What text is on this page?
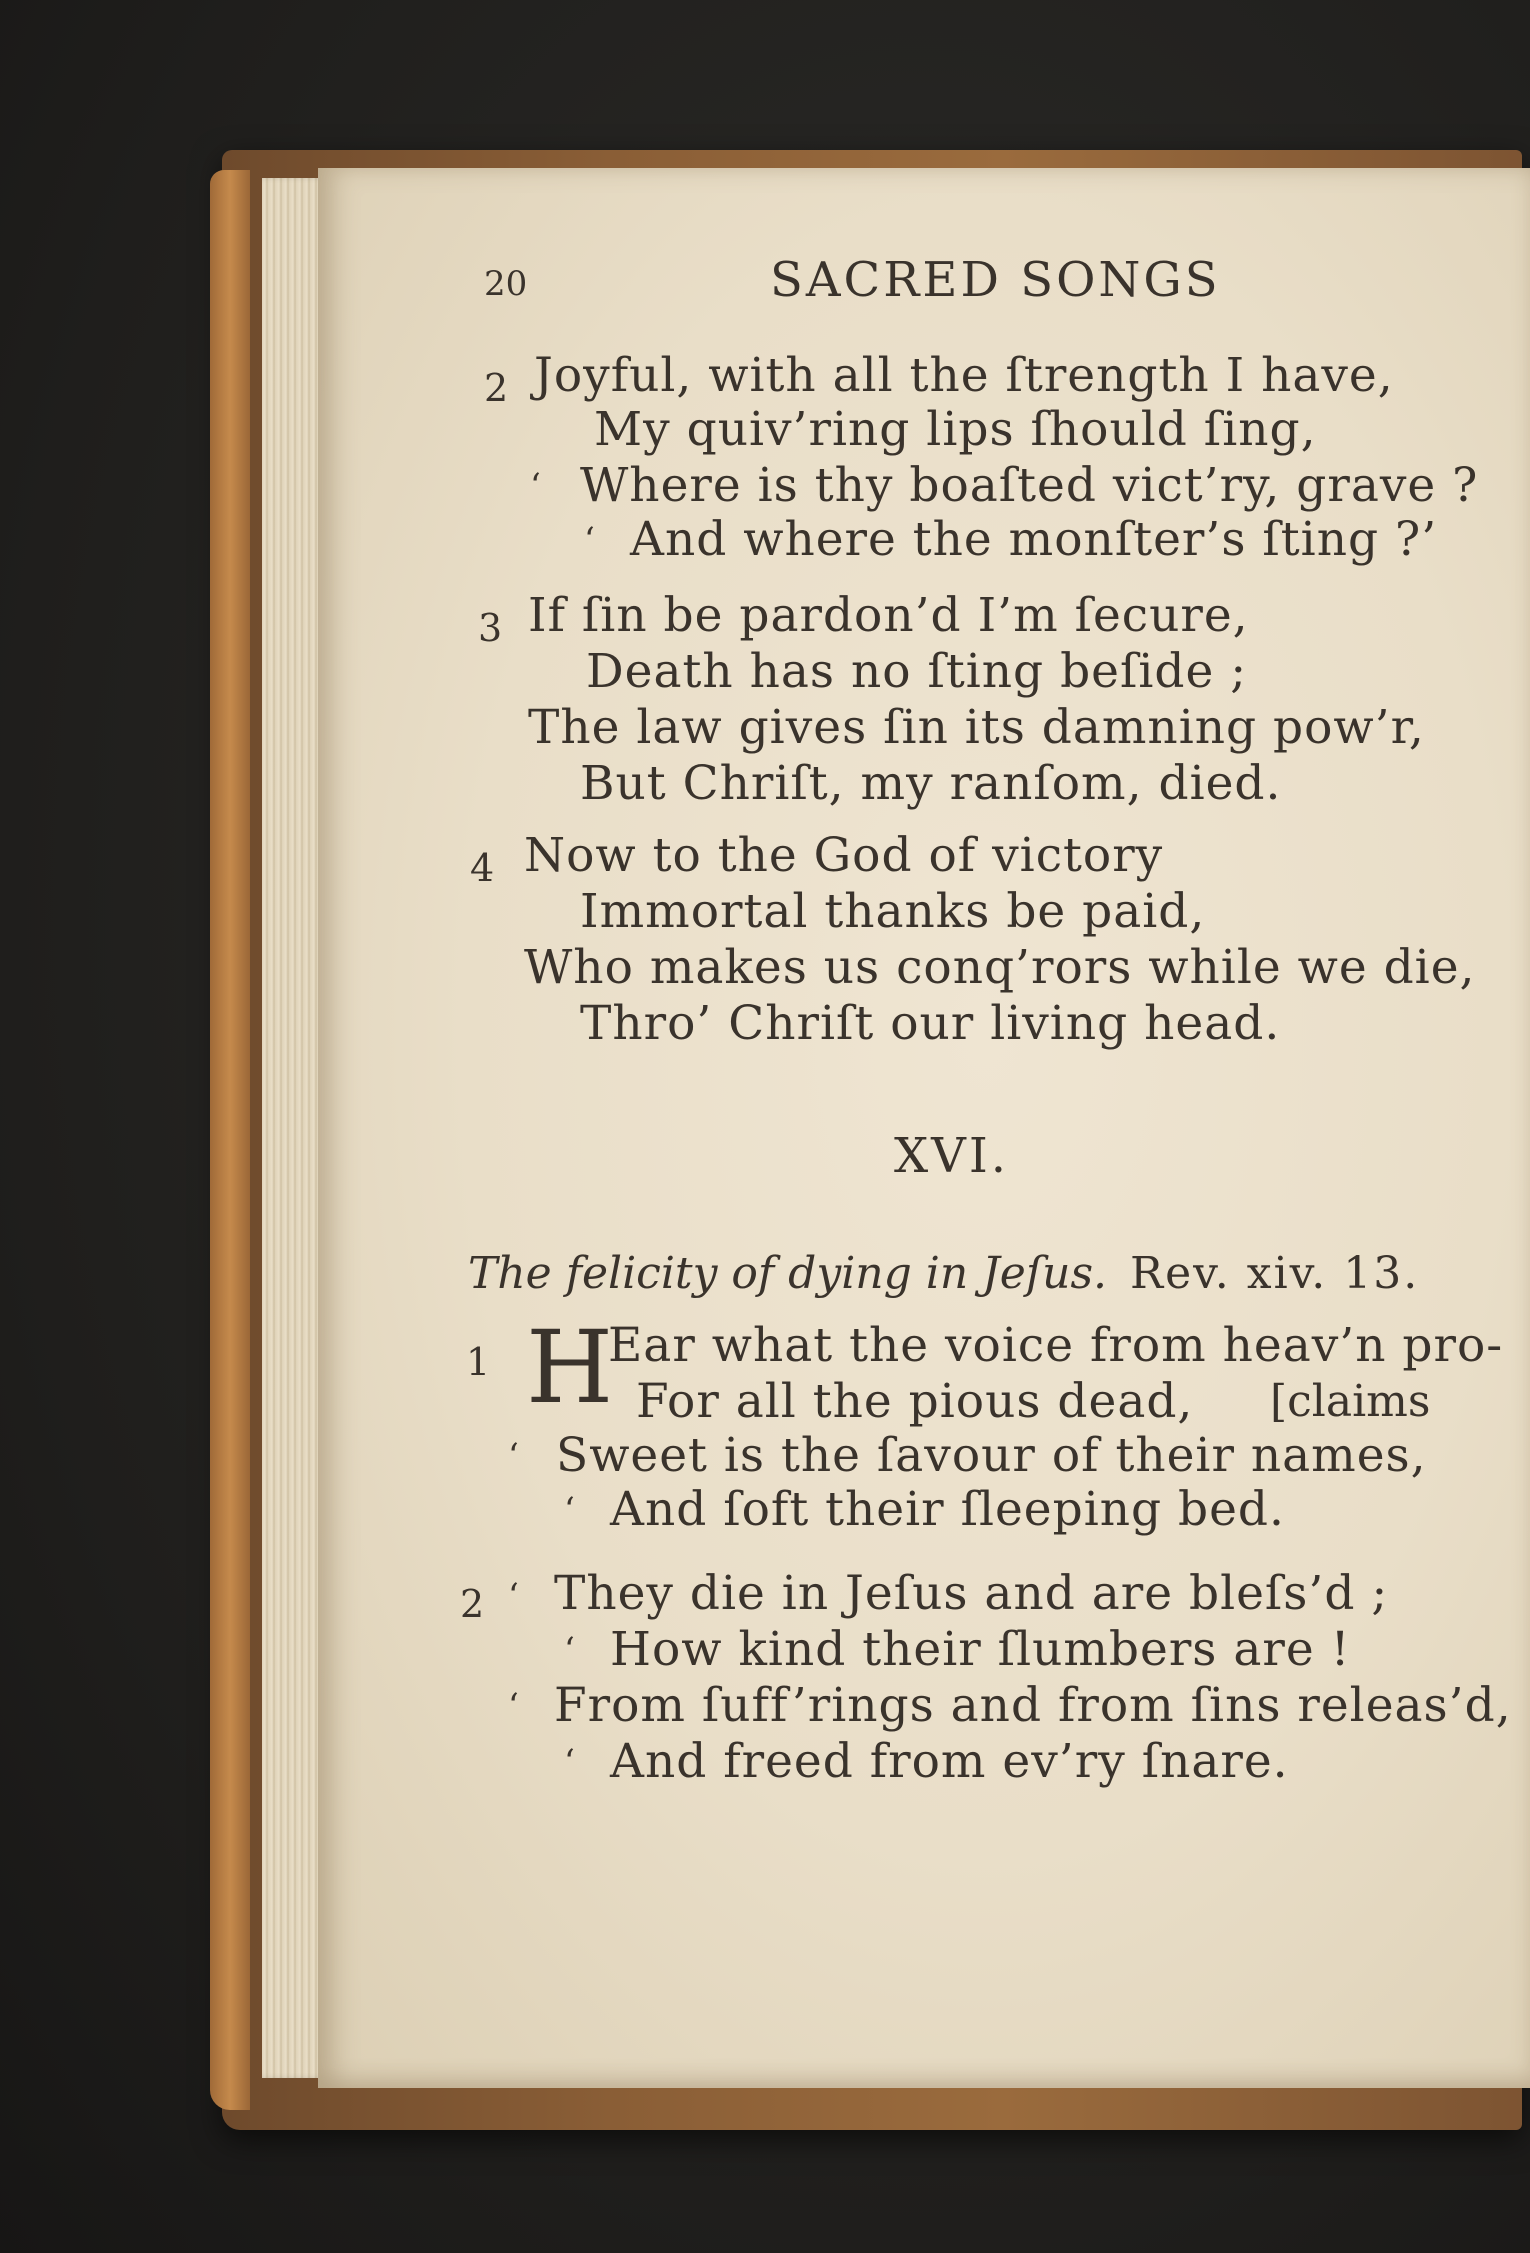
20	SACRED SONGS
2 Joyful, with all the ſtrength I have,
My quiv’ring lips ſhould ſing,
‘ Where is thy boaſted vict’ry, grave ?
‘ And where the monſter’s ſting ?’
3 If ſin be pardon’d I’m ſecure,
Death has no ſting beſide ;
The law gives ſin its damning pow’r,
But Chriſt, my ranſom, died.
4 Now to the God of victory
Immortal thanks be paid,
Who makes us conq’rors while we die,
Thro’ Chriſt our living head.
XVI.
The felicity of dying in Jeſus. Rev. xiv. 13.
1 H
Ear what the voice from heav’n pro-
For all the pious dead, [claims
‘ Sweet is the ſavour of their names,
‘ And ſoft their ſleeping bed.
2 ‘ They die in Jeſus and are bleſs’d ;
‘ How kind their ſlumbers are !
‘ From ſuff’rings and from ſins releas’d,
‘ And freed from ev’ry ſnare.
